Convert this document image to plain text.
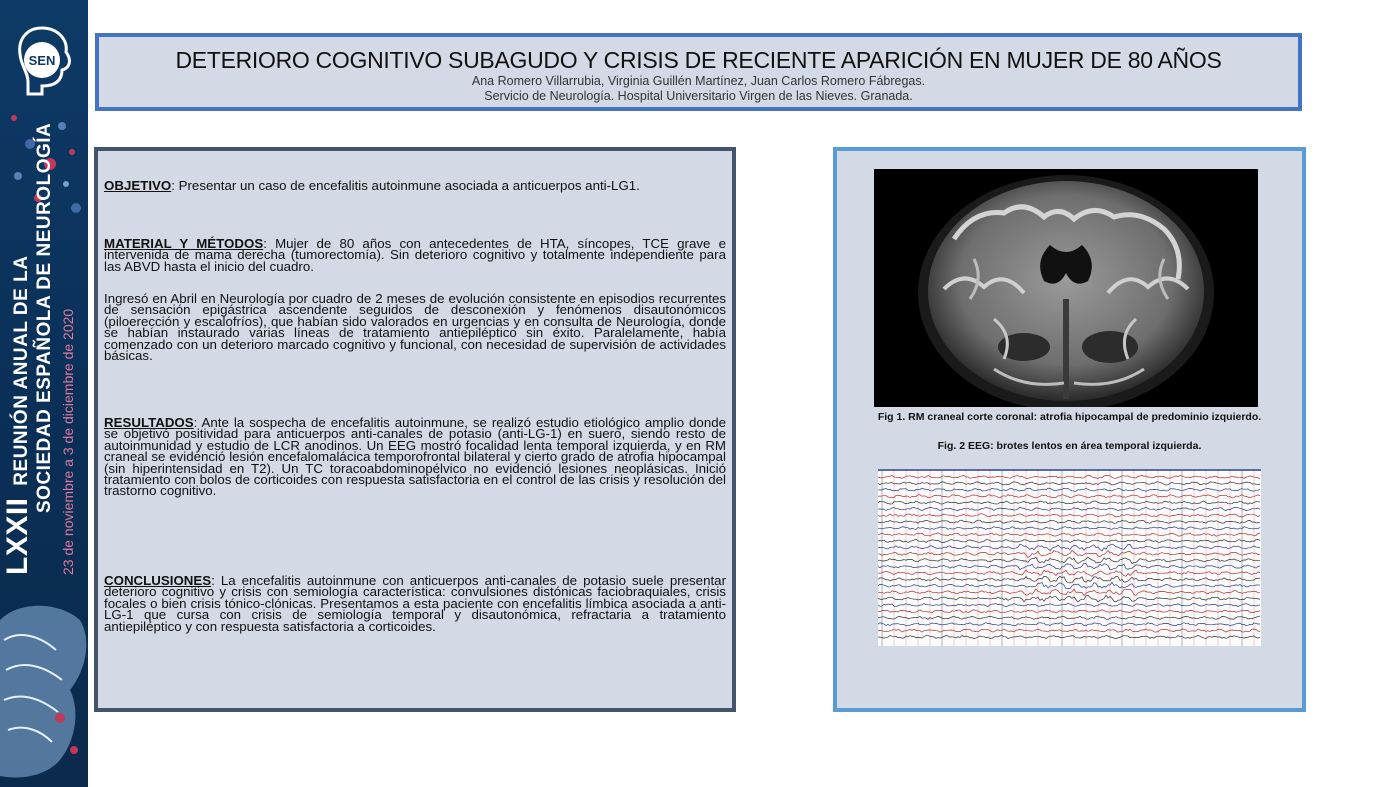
SEN
LXXII REUNIÓN ANUAL DE LA SOCIEDAD ESPAÑOLA DE NEUROLOGÍA 23 de noviembre a 3 de diciembre de 2020
DETERIORO COGNITIVO SUBAGUDO Y CRISIS DE RECIENTE APARICIÓN EN MUJER DE 80 AÑOS
Ana Romero Villarrubia, Virginia Guillén Martínez, Juan Carlos Romero Fábregas.
Servicio de Neurología. Hospital Universitario Virgen de las Nieves. Granada.
OBJETIVO: Presentar un caso de encefalitis autoinmune asociada a anticuerpos anti-LG1.
MATERIAL Y MÉTODOS: Mujer de 80 años con antecedentes de HTA, síncopes, TCE grave e intervenida de mama derecha (tumorectomía). Sin deterioro cognitivo y totalmente independiente para las ABVD hasta el inicio del cuadro.
Ingresó en Abril en Neurología por cuadro de 2 meses de evolución consistente en episodios recurrentes de sensación epigástrica ascendente seguidos de desconexión y fenómenos disautonómicos (piloerección y escalofríos), que habían sido valorados en urgencias y en consulta de Neurología, donde se habían instaurado varias líneas de tratamiento antiepiléptico sin éxito. Paralelamente, había comenzado con un deterioro marcado cognitivo y funcional, con necesidad de supervisión de actividades básicas.
RESULTADOS: Ante la sospecha de encefalitis autoinmune, se realizó estudio etiológico amplio donde se objetivó positividad para anticuerpos anti-canales de potasio (anti-LG-1) en suero, siendo resto de autoinmunidad y estudio de LCR anodinos. Un EEG mostró focalidad lenta temporal izquierda, y en RM craneal se evidenció lesión encefalomalácica temporofrontal bilateral y cierto grado de atrofia hipocampal (sin hiperintensidad en T2). Un TC toracoabdominopélvico no evidenció lesiones neoplásicas. Inició tratamiento con bolos de corticoides con respuesta satisfactoria en el control de las crisis y resolución del trastorno cognitivo.
CONCLUSIONES: La encefalitis autoinmune con anticuerpos anti-canales de potasio suele presentar deterioro cognitivo y crisis con semiología característica: convulsiones distónicas faciobraquiales, crisis focales o bien crisis tónico-clónicas. Presentamos a esta paciente con encefalitis límbica asociada a anti-LG-1 que cursa con crisis de semiología temporal y disautonómica, refractaria a tratamiento antiepiléptico y con respuesta satisfactoria a corticoides.
Fig 1. RM craneal corte coronal: atrofia hipocampal de predominio izquierdo.
Fig. 2 EEG: brotes lentos en área temporal izquierda.
